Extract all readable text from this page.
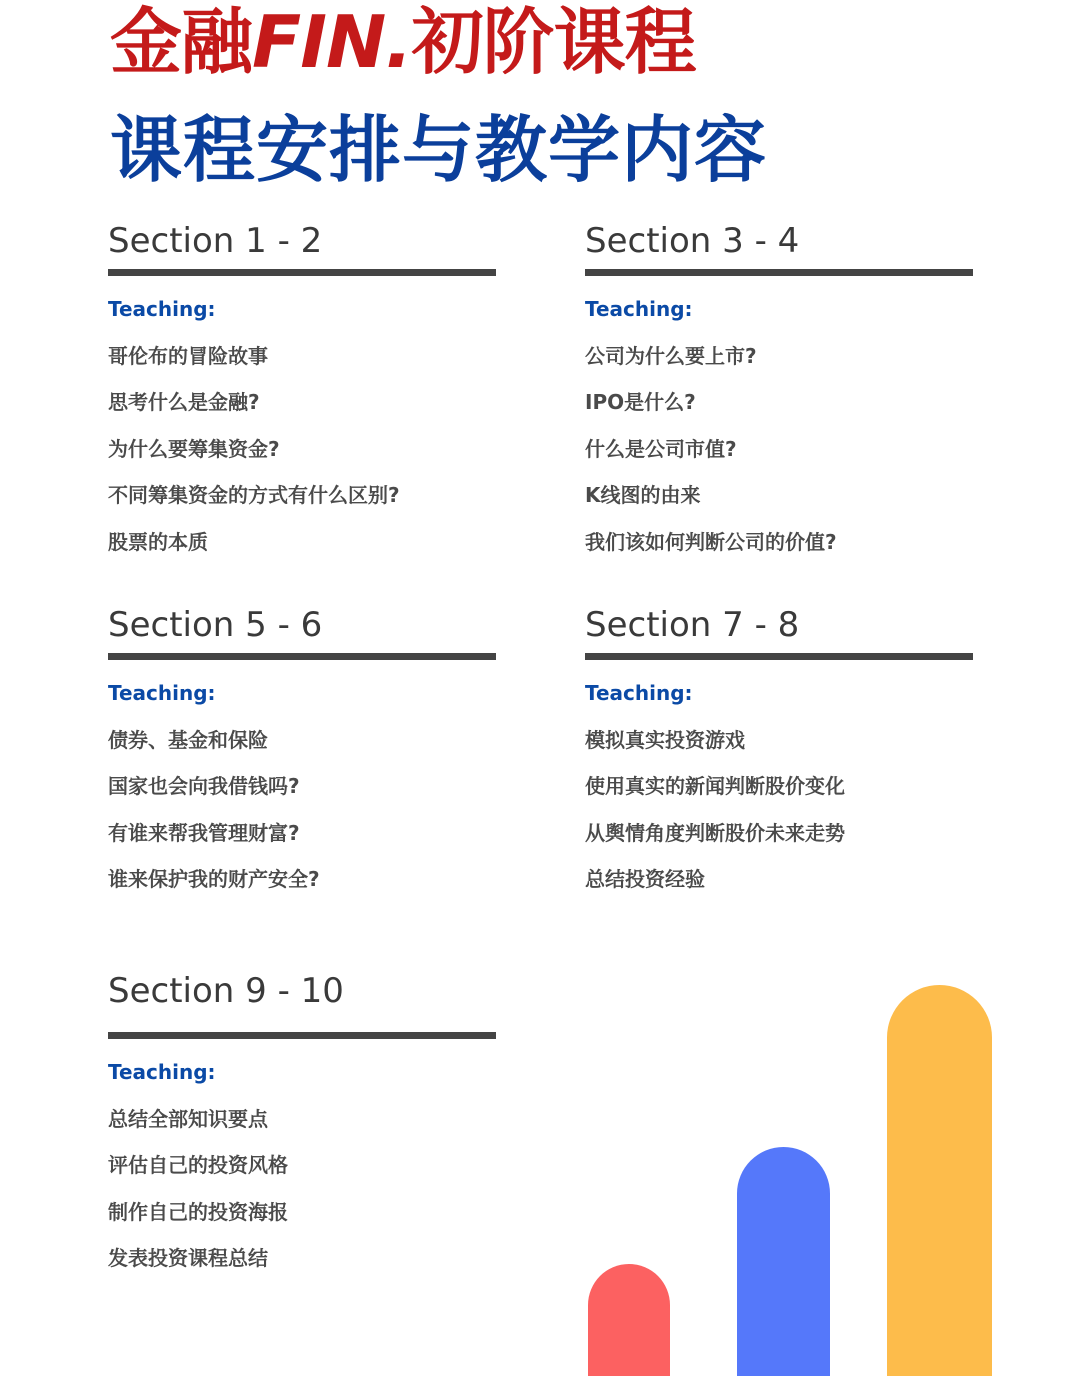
金融FIN.初阶课程
课程安排与教学内容
Section 1 - 2
Teaching:
哥伦布的冒险故事
思考什么是金融?
为什么要筹集资金?
不同筹集资金的方式有什么区别?
股票的本质
Section 3 - 4
Teaching:
公司为什么要上市?
IPO是什么?
什么是公司市值?
K线图的由来
我们该如何判断公司的价值?
Section 5 - 6
Teaching:
债券、基金和保险
国家也会向我借钱吗?
有谁来帮我管理财富?
谁来保护我的财产安全?
Section 7 - 8
Teaching:
模拟真实投资游戏
使用真实的新闻判断股价变化
从舆情角度判断股价未来走势
总结投资经验
Section 9 - 10
Teaching:
总结全部知识要点
评估自己的投资风格
制作自己的投资海报
发表投资课程总结
